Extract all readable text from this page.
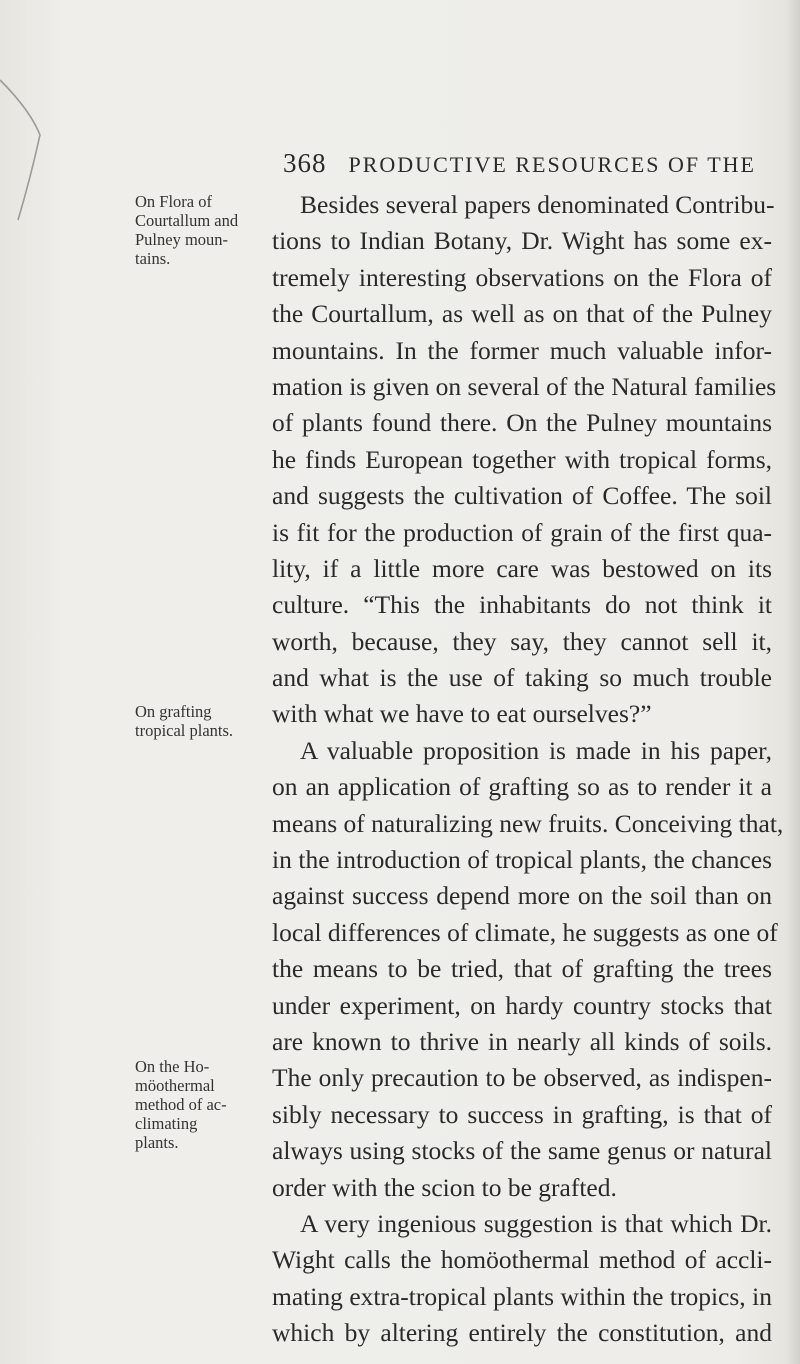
368 PRODUCTIVE RESOURCES OF THE
On Flora of
Courtallum and
Pulney moun-
tains.
On grafting
tropical plants.
On the Ho-
möothermal
method of ac-
climating
plants.
Besides several papers denominated Contribu-
tions to Indian Botany, Dr. Wight has some ex-
tremely interesting observations on the Flora of
the Courtallum, as well as on that of the Pulney
mountains. In the former much valuable infor-
mation is given on several of the Natural families
of plants found there. On the Pulney mountains
he finds European together with tropical forms,
and suggests the cultivation of Coffee. The soil
is fit for the production of grain of the first qua-
lity, if a little more care was bestowed on its
culture. “This the inhabitants do not think it
worth, because, they say, they cannot sell it,
and what is the use of taking so much trouble
with what we have to eat ourselves?”
A valuable proposition is made in his paper,
on an application of grafting so as to render it a
means of naturalizing new fruits. Conceiving that,
in the introduction of tropical plants, the chances
against success depend more on the soil than on
local differences of climate, he suggests as one of
the means to be tried, that of grafting the trees
under experiment, on hardy country stocks that
are known to thrive in nearly all kinds of soils.
The only precaution to be observed, as indispen-
sibly necessary to success in grafting, is that of
always using stocks of the same genus or natural
order with the scion to be grafted.
A very ingenious suggestion is that which Dr.
Wight calls the homöothermal method of accli-
mating extra-tropical plants within the tropics, in
which by altering entirely the constitution, and
